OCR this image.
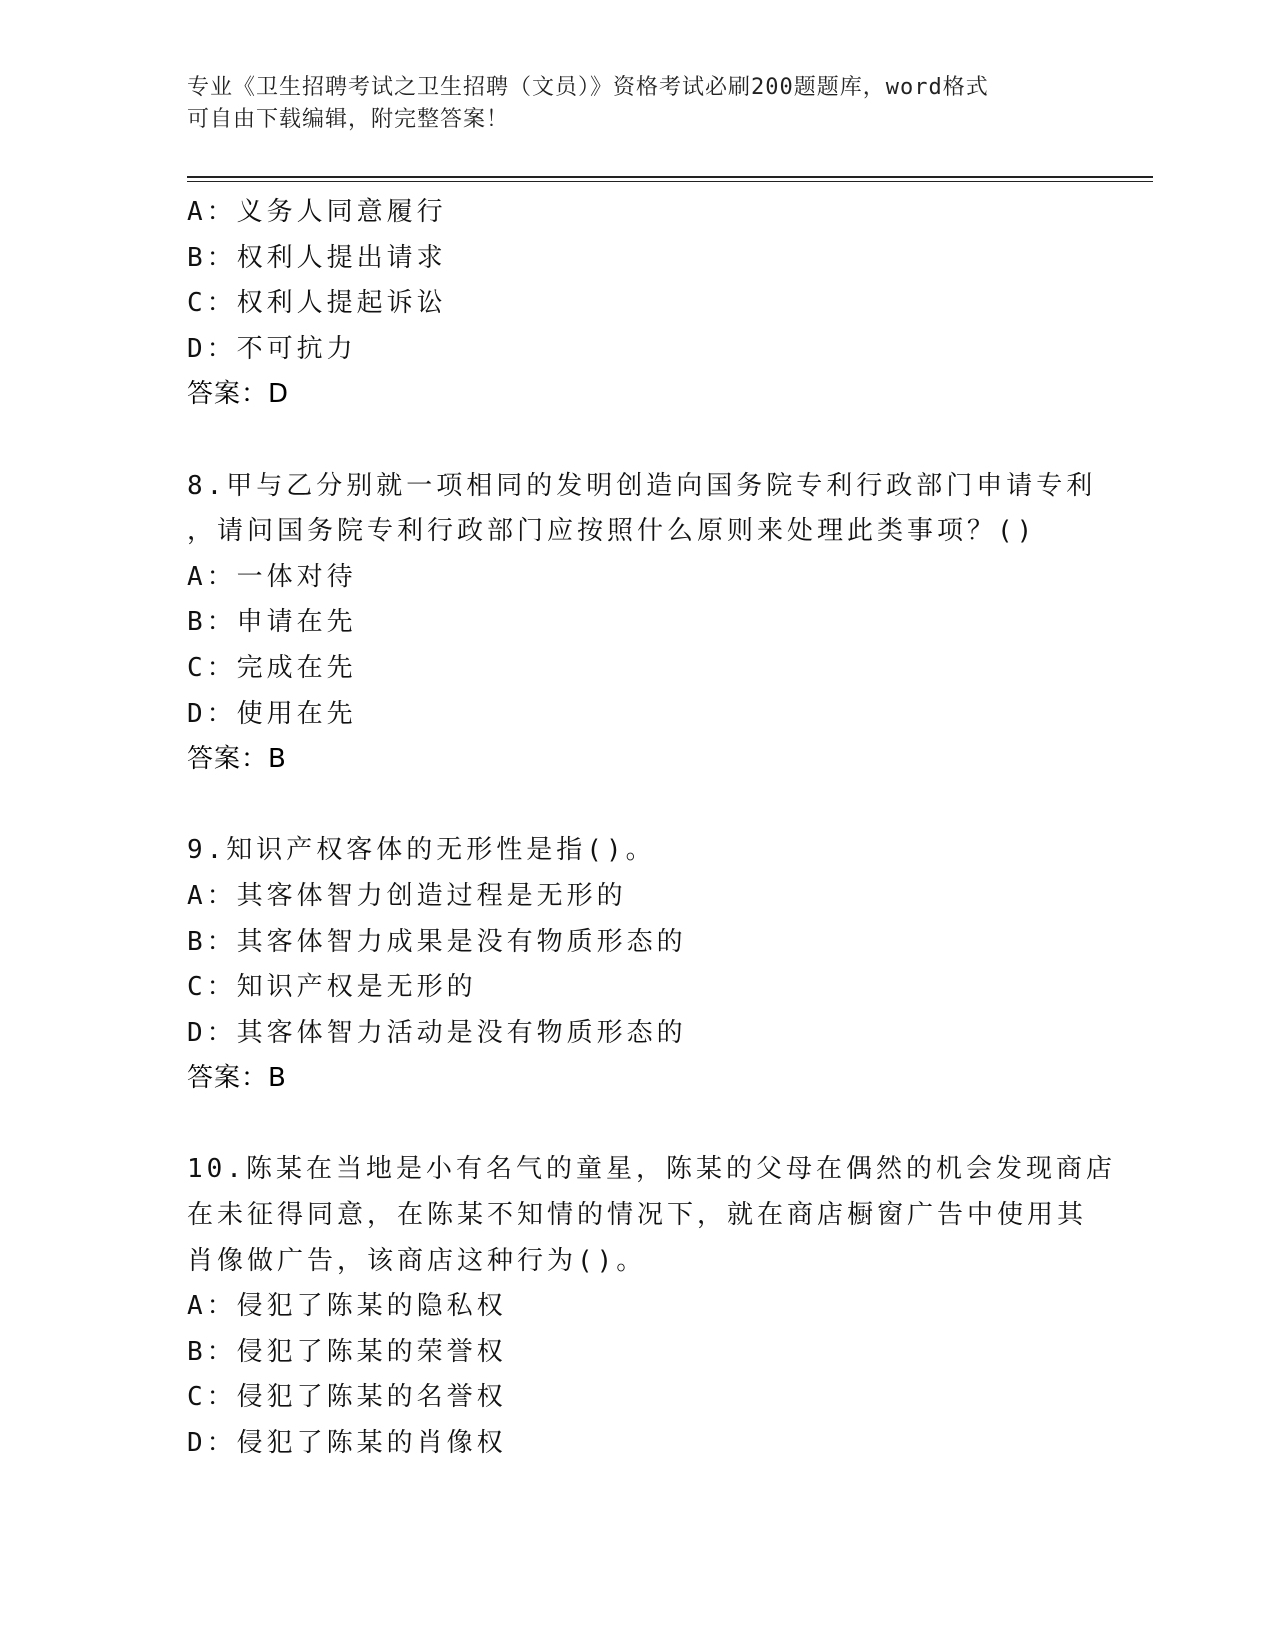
专业《卫生招聘考试之卫生招聘（文员）》资格考试必刷200题题库，word格式
可自由下载编辑，附完整答案！
A：义务人同意履行
B：权利人提出请求
C：权利人提起诉讼
D：不可抗力
答案：D
8.甲与乙分别就一项相同的发明创造向国务院专利行政部门申请专利
，请问国务院专利行政部门应按照什么原则来处理此类事项？()
A：一体对待
B：申请在先
C：完成在先
D：使用在先
答案：B
9.知识产权客体的无形性是指()。
A：其客体智力创造过程是无形的
B：其客体智力成果是没有物质形态的
C：知识产权是无形的
D：其客体智力活动是没有物质形态的
答案：B
10.陈某在当地是小有名气的童星，陈某的父母在偶然的机会发现商店
在未征得同意，在陈某不知情的情况下，就在商店橱窗广告中使用其
肖像做广告，该商店这种行为()。
A：侵犯了陈某的隐私权
B：侵犯了陈某的荣誉权
C：侵犯了陈某的名誉权
D：侵犯了陈某的肖像权
